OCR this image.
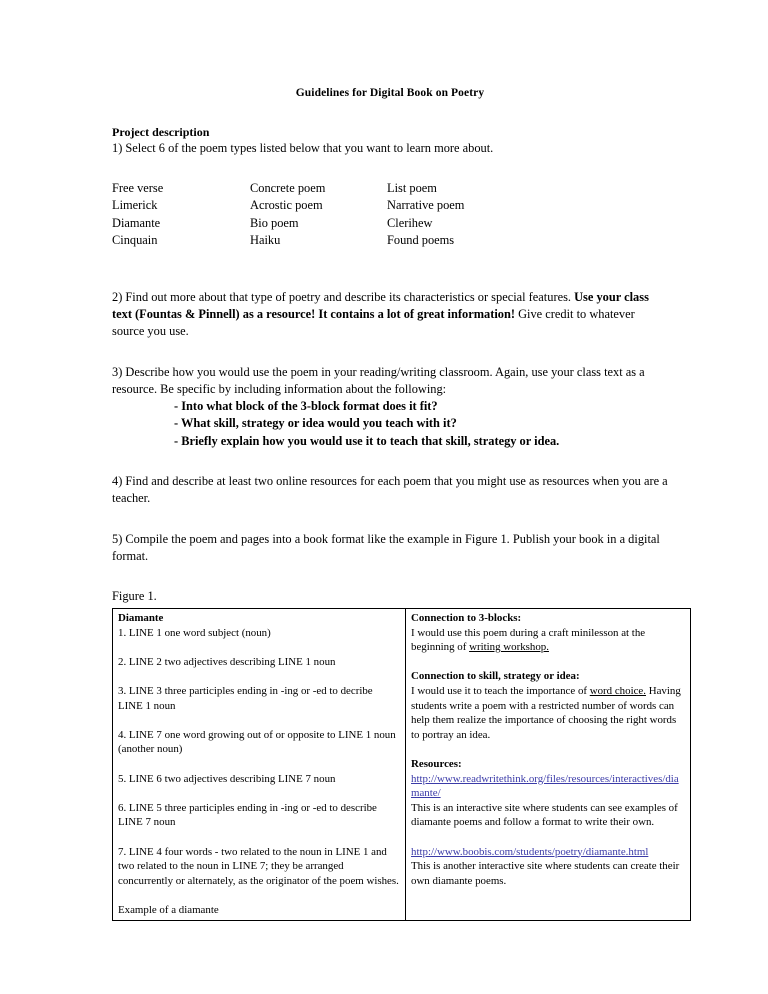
Guidelines for Digital Book on Poetry
Project description

1) Select 6 of the poem types listed below that you want to learn more about.

Free verse	Concrete poem	List poem
Limerick	Acrostic poem	Narrative poem
Diamante	Bio poem	Clerihew
Cinquain	Haiku	Found poems

2) Find out more about that type of poetry and describe its characteristics or special features. Use your class text (Fountas & Pinnell) as a resource! It contains a lot of great information! Give credit to whatever source you use.

3) Describe how you would use the poem in your reading/writing classroom. Again, use your class text as a resource. Be specific by including information about the following:

- Into what block of the 3-block format does it fit?
- What skill, strategy or idea would you teach with it?
- Briefly explain how you would use it to teach that skill, strategy or idea.

4) Find and describe at least two online resources for each poem that you might use as resources when you are a teacher.

5) Compile the poem and pages into a book format like the example in Figure 1. Publish your book in a digital format.

Figure 1.
Diamante
1. LINE 1 one word subject (noun)
2. LINE 2 two adjectives describing LINE 1 noun
3. LINE 3 three participles ending in -ing or -ed to decribe LINE 1 noun
4. LINE 7 one word growing out of or opposite to LINE 1 noun (another noun)
5. LINE 6 two adjectives describing LINE 7 noun
6. LINE 5 three participles ending in -ing or -ed to describe LINE 7 noun
7. LINE 4 four words - two related to the noun in LINE 1 and two related to the noun in LINE 7; they be arranged concurrently or alternately, as the originator of the poem wishes.
Example of a diamante

Connection to 3-blocks:
I would use this poem during a craft minilesson at the beginning of writing workshop.
Connection to skill, strategy or idea:
I would use it to teach the importance of word choice. Having students write a poem with a restricted number of words can help them realize the importance of choosing the right words to portray an idea.
Resources:
http://www.readwritethink.org/files/resources/interactives/diamante/
This is an interactive site where students can see examples of diamante poems and follow a format to write their own.
http://www.boobis.com/students/poetry/diamante.html
This is another interactive site where students can create their own diamante poems.
